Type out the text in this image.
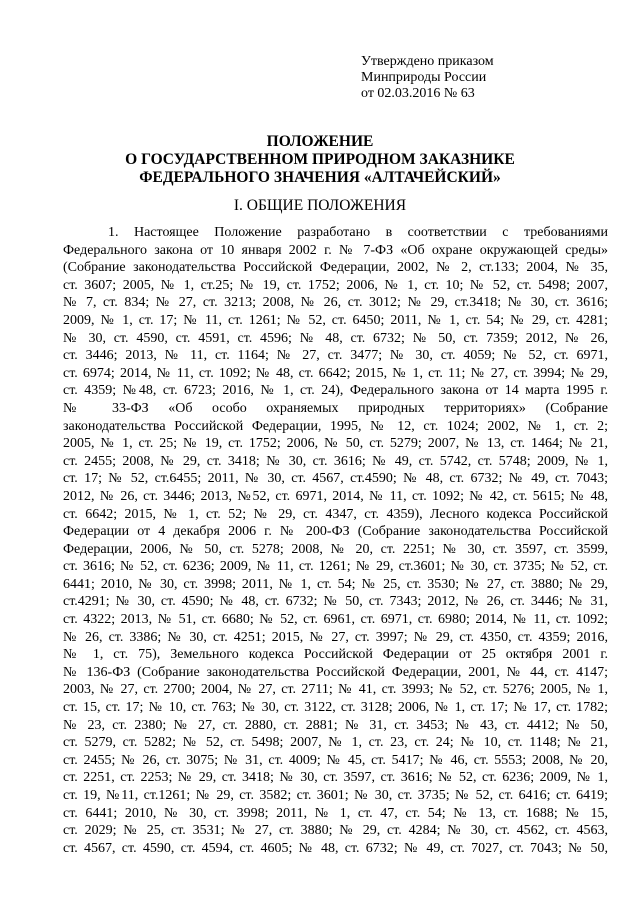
Утверждено приказом
Минприроды России
от 02.03.2016 № 63
ПОЛОЖЕНИЕ
О ГОСУДАРСТВЕННОМ ПРИРОДНОМ ЗАКАЗНИКЕ
ФЕДЕРАЛЬНОГО ЗНАЧЕНИЯ «АЛТАЧЕЙСКИЙ»
I. ОБЩИЕ ПОЛОЖЕНИЯ
1. Настоящее Положение разработано в соответствии с требованиями
Федерального закона от 10 января 2002 г. № 7-ФЗ «Об охране окружающей среды»
(Собрание законодательства Российской Федерации, 2002, № 2, ст.133; 2004, № 35,
ст. 3607; 2005, № 1, ст.25; № 19, ст. 1752; 2006, № 1, ст. 10; № 52, ст. 5498; 2007,
№ 7, ст. 834; № 27, ст. 3213; 2008, № 26, ст. 3012; № 29, ст.3418; № 30, ст. 3616;
2009, № 1, ст. 17; № 11, ст. 1261; № 52, ст. 6450; 2011, № 1, ст. 54; № 29, ст. 4281;
№ 30, ст. 4590, ст. 4591, ст. 4596; № 48, ст. 6732; № 50, ст. 7359; 2012, № 26,
ст. 3446; 2013, № 11, ст. 1164; № 27, ст. 3477; № 30, ст. 4059; № 52, ст. 6971,
ст. 6974; 2014, № 11, ст. 1092; № 48, ст. 6642; 2015, № 1, ст. 11; № 27, ст. 3994; № 29,
ст. 4359; №48, ст. 6723; 2016, № 1, ст. 24), Федерального закона от 14 марта 1995 г.
№ 33-ФЗ «Об особо охраняемых природных территориях» (Собрание
законодательства Российской Федерации, 1995, № 12, ст. 1024; 2002, № 1, ст. 2;
2005, № 1, ст. 25; № 19, ст. 1752; 2006, № 50, ст. 5279; 2007, № 13, ст. 1464; № 21,
ст. 2455; 2008, № 29, ст. 3418; № 30, ст. 3616; № 49, ст. 5742, ст. 5748; 2009, № 1,
ст. 17; № 52, ст.6455; 2011, № 30, ст. 4567, ст.4590; № 48, ст. 6732; № 49, ст. 7043;
2012, № 26, ст. 3446; 2013, №52, ст. 6971, 2014, № 11, ст. 1092; № 42, ст. 5615; № 48,
ст. 6642; 2015, № 1, ст. 52; № 29, ст. 4347, ст. 4359), Лесного кодекса Российской
Федерации от 4 декабря 2006 г. № 200-ФЗ (Собрание законодательства Российской
Федерации, 2006, № 50, ст. 5278; 2008, № 20, ст. 2251; № 30, ст. 3597, ст. 3599,
ст. 3616; № 52, ст. 6236; 2009, № 11, ст. 1261; № 29, ст.3601; № 30, ст. 3735; № 52, ст.
6441; 2010, № 30, ст. 3998; 2011, № 1, ст. 54; № 25, ст. 3530; № 27, ст. 3880; № 29,
ст.4291; № 30, ст. 4590; № 48, ст. 6732; № 50, ст. 7343; 2012, № 26, ст. 3446; № 31,
ст. 4322; 2013, № 51, ст. 6680; № 52, ст. 6961, ст. 6971, ст. 6980; 2014, № 11, ст. 1092;
№ 26, ст. 3386; № 30, ст. 4251; 2015, № 27, ст. 3997; № 29, ст. 4350, ст. 4359; 2016,
№ 1, ст. 75), Земельного кодекса Российской Федерации от 25 октября 2001 г.
№ 136-ФЗ (Собрание законодательства Российской Федерации, 2001, № 44, ст. 4147;
2003, № 27, ст. 2700; 2004, № 27, ст. 2711; № 41, ст. 3993; № 52, ст. 5276; 2005, № 1,
ст. 15, ст. 17; № 10, ст. 763; № 30, ст. 3122, ст. 3128; 2006, № 1, ст. 17; № 17, ст. 1782;
№ 23, ст. 2380; № 27, ст. 2880, ст. 2881; № 31, ст. 3453; № 43, ст. 4412; № 50,
ст. 5279, ст. 5282; № 52, ст. 5498; 2007, № 1, ст. 23, ст. 24; № 10, ст. 1148; № 21,
ст. 2455; № 26, ст. 3075; № 31, ст. 4009; № 45, ст. 5417; № 46, ст. 5553; 2008, № 20,
ст. 2251, ст. 2253; № 29, ст. 3418; № 30, ст. 3597, ст. 3616; № 52, ст. 6236; 2009, № 1,
ст. 19, №11, ст.1261; № 29, ст. 3582; ст. 3601; № 30, ст. 3735; № 52, ст. 6416; ст. 6419;
ст. 6441; 2010, № 30, ст. 3998; 2011, № 1, ст. 47, ст. 54; № 13, ст. 1688; № 15,
ст. 2029; № 25, ст. 3531; № 27, ст. 3880; № 29, ст. 4284; № 30, ст. 4562, ст. 4563,
ст. 4567, ст. 4590, ст. 4594, ст. 4605; № 48, ст. 6732; № 49, ст. 7027, ст. 7043; № 50,
